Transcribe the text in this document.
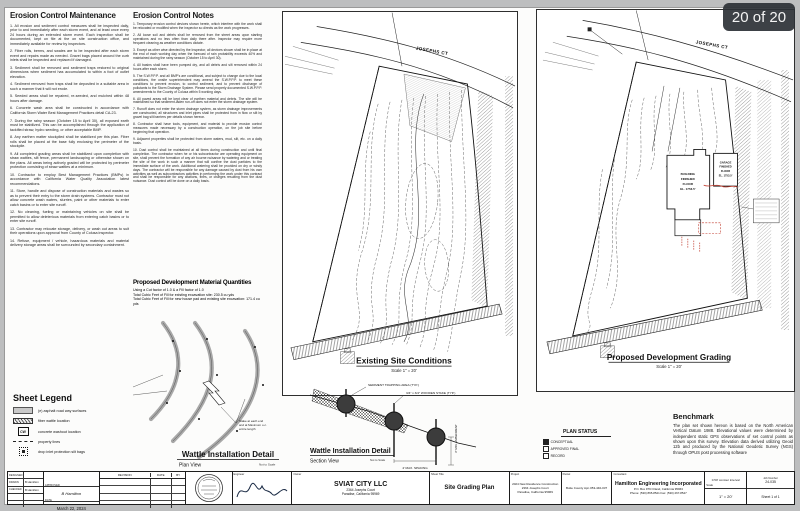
Erosion Control Maintenance

1. All erosion and sediment control measures shall be inspected daily, prior to and immediately after each storm event, and at least once every 24 hours during an extended storm event. Each inspection shall be documented, kept on file at the on site construction office, and immediately available for review by inspectors.

2. Fiber rolls, berms, and swales are to be inspected after each storm event and repairs made as needed. Gravel bags placed around the curb inlets shall be inspected and replaced if damaged.

3. Sediment shall be removed and sediment traps restored to original dimensions when sediment has accumulated to within a foot of outlet elevation.

4. Sediment removed from traps shall be deposited in a suitable area in such a manner that it will not erode.

5. Seeded areas shall be repaired, re-seeded, and mulched within 48 hours after damage.

6. Concrete wash area shall be constructed in accordance with California Storm Water Best Management Practices detail CA-23.

7. During the rainy season (October 15 to April 30), all exposed earth must be stabilized. This can be accomplished through the application of tackified straw, hydro seeding, or other acceptable BMP.

8. Any earthen matter stockpiled shall be stabilized per this plan. Fiber rolls shall be placed at the base fully enclosing the perimeter of the stockpile.

9. All completed grading areas shall be stabilized upon completion with straw wattles, silt fence, permanent landscaping or otherwise shown on the plans. All areas being actively graded will be protected by perimeter protection consisting of straw wattles at a minimum.

10. Contractor to employ Best Management Practices (BMPs) in accordance with California Water Quality Association latest recommendations.

11. Store, handle and dispose of construction materials and wastes so as to prevent their entry to the storm drain systems. Contractor must not allow concrete wash waters, slurries, paint or other materials to enter catch basins or to enter site runoff.

12. No cleaning, fueling or maintaining vehicles on site shall be permitted to allow deleterious materials from entering catch basins or to enter site runoff.

13. Contractor may relocate storage, delivery, or wash out areas to suit their operations upon approval from County of Colusa inspector.

14. Refuse, equipment / vehicle, hazardous materials and material delivery storage areas shall be surrounded by secondary containment.

Erosion Control Notes

1. Temporary erosion control devices shown herein, which interfere with the work shall be relocated or modified when the inspector so directs as the work progresses.

2. All loose soil and debris shall be removed from the street areas upon starting operations and no less often than daily there after. Inspector may require more frequent cleaning as weather conditions dictate.

3. Except as other wise directed by the Inspector, all devices shown shall be in place at the end of each working day when the forecast of rain probability exceeds 40% and maintained during the rainy season (October 15 to April 30).

4. All basins shall have been pumped dry, and all debris and silt removed within 24 hours after each storm.

5. The S.W.P.P.P. and all BMP's are conditional, and subject to change due to the local conditions, the onsite superintendent may amend the S.W.P.P.P. to meet these conditions to prevent erosion, to control sediment, and to prevent discharge of pollutants to the Storm Drainage System. Please send properly documented S.W.P.P.P. amendments to the County of Colusa within 5 working days.

6. All paved areas will be kept clear of earthen material and debris. The site will be maintained so that sediment-laden run-off does not enter the storm drainage system.

7. Runoff does not enter the storm drainage system, as storm drainage improvements are constructed, all structures and inlet pipes shall be protected from in flow or silt by gravel bag silt barriers per details shown hereon.

8. Contractor shall have tools, equipment, and material to provide erosion control measures made necessary by a construction operation, on the job site before beginning that operation.

9. Adjacent properties shall be protected from storm waters, mud, silt, etc. on a daily basis.

10. Dust control shall be maintained at all times during construction and until final completion. The contractor when he or his subcontractor are operating equipment on site, shall prevent the formation of any air bourne nuisance by watering and or treating the site of the work in such a manner that will confine the dust particles to the immediate surface of the work. Additional watering shall be provided on dry or windy days. The contractor will be responsible for any damage caused by dust from his own activities as well as subcontractors activities in performing the work under this contract and shall be responsible for any citations, fines, or charges resulting from the dust nuisance. Dust control will be done on a daily basis.

Proposed Development Material Quantities
Using a Cut factor of 1.0 & a Fill factor of 1.0
Total Cubic Feet of Fill for existing excavation site: 230.5 cu yds
Total Cubic Feet of Fill for new house pad and existing site excavation: 171.4 cu yds
JOSEPHS CT
Existing Site Conditions
Scale 1" = 20'
JOSEPHS CT
BUILDING
FINISHED
FLOOR
EL. 1753.5'
GARAGE
FINISHED
FLOOR
EL. 1753.5'
Proposed Development Grading
Scale 1" = 20'
Sheet Legend
(e) asphalt road way surfaces
fiber wattle location
CW	concrete washout location
property lines
drop inlet protection silt bags
Stake at each end
and at Maximum o.c.
entire length
Wattle Installation Detail
Plan View	Not to Scale
SEDIMENT TRAPPING AREA (TYP.)
3/4" x 3/4" WOODEN STAKE (TYP.)
4' MAX. SPACING
3" MIN. EMBEDMENT
Wattle Installation Detail
Section View	Not to Scale
PLAN STATUS
CONCEPTUAL
APPROVED FINAL
RECORD
Benchmark
The plan set shown hereon is based on the North American Vertical Datum 1988. Elevational values were determined by independent static GPS observations of set control points as shown upon this survey. Elevation data derived utilizing Geoid 12b and produced by the National Geodetic Survey (NGS) through OPUS post processing software
DESIGNED
DRAWN	B Hamilton
CHECKED	B Hamilton
APPROVED
B Hamilton
DATE
March 22, 2024
REVISION	DATE	BY	Engineer	Owner
SVIAT CITY LLC
2364 Josephs Court
Paradise, California 95969
Sheet Title
Site Grading Plan
Project
2024 New Residence Construction
2364 Josephs Court
Paradise, California 95969
Parcel
Butte County Apn 053-440-037
Consultant
Hamilton Engineering Incorporated
P.O. Box 979 Orland, California 95963
Phone: (530) 865-8521 Fax: (530) 267-8547
Scale
0.50' contour interval
1" = 20'
Job Number
24-035
Sheet 1 of 1
20 of 20
